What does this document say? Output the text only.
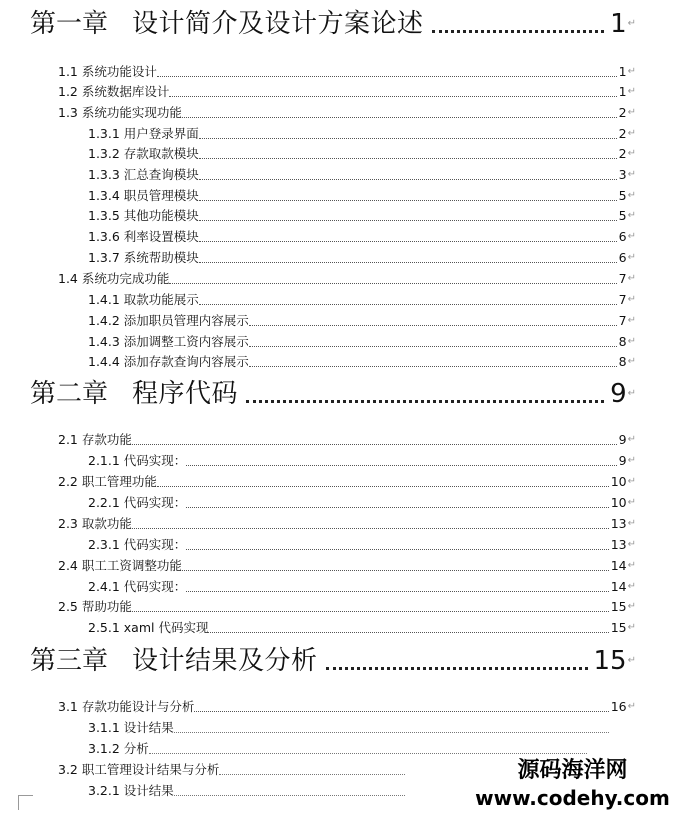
第一章 设计简介及设计方案论述	1 ↵
1.1 系统功能设计	1 ↵
1.2 系统数据库设计	1 ↵
1.3 系统功能实现功能	2 ↵
1.3.1 用户登录界面	2 ↵
1.3.2 存款取款模块	2 ↵
1.3.3 汇总查询模块	3 ↵
1.3.4 职员管理模块	5 ↵
1.3.5 其他功能模块	5 ↵
1.3.6 利率设置模块	6 ↵
1.3.7 系统帮助模块	6 ↵
1.4 系统功完成功能	7 ↵
1.4.1 取款功能展示	7 ↵
1.4.2 添加职员管理内容展示	7 ↵
1.4.3 添加调整工资内容展示	8 ↵
1.4.4 添加存款查询内容展示	8 ↵
第二章 程序代码	9 ↵
2.1 存款功能	9 ↵
2.1.1 代码实现：	9 ↵
2.2 职工管理功能	10 ↵
2.2.1 代码实现：	10 ↵
2.3 取款功能	13 ↵
2.3.1 代码实现：	13 ↵
2.4 职工工资调整功能	14 ↵
2.4.1 代码实现：	14 ↵
2.5 帮助功能	15 ↵
2.5.1 xaml 代码实现	15 ↵
第三章 设计结果及分析	15 ↵
3.1 存款功能设计与分析	16 ↵
3.1.1 设计结果
3.1.2 分析
3.2 职工管理设计结果与分析
3.2.1 设计结果
源码海洋网
www.codehy.com
